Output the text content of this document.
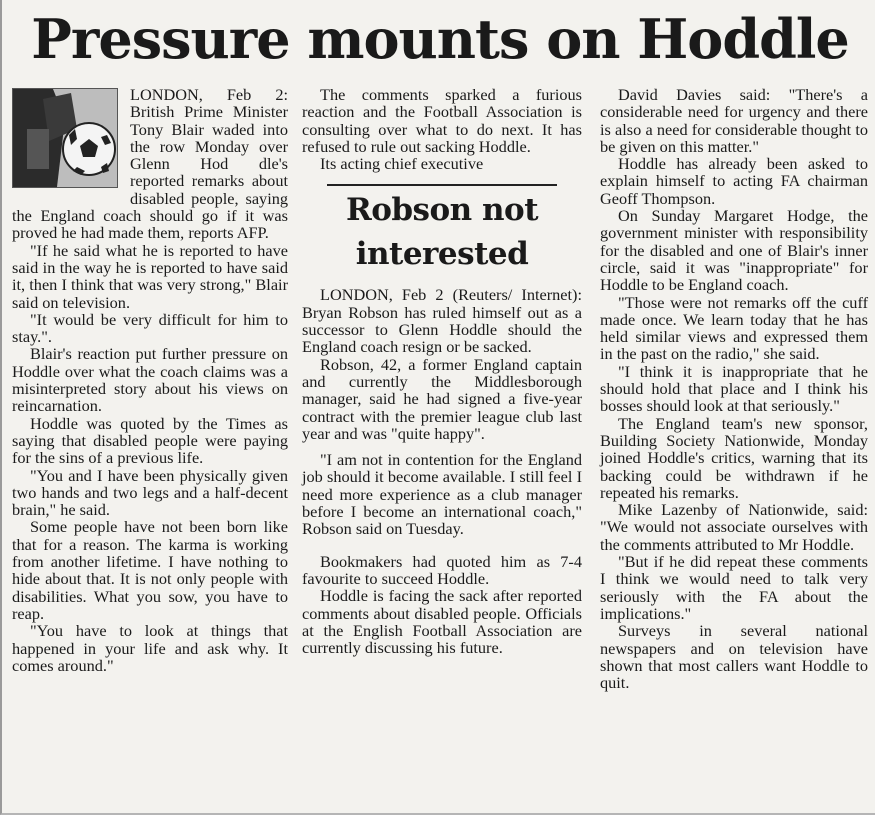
Pressure mounts on Hoddle

LONDON, Feb 2: British Prime Minister Tony Blair waded into the row Monday over Glenn Hod dle's reported remarks about disabled people, saying the England coach should go if it was proved he had made them, reports AFP.

"If he said what he is reported to have said in the way he is reported to have said it, then I think that was very strong," Blair said on television.

"It would be very difficult for him to stay.".

Blair's reaction put further pressure on Hoddle over what the coach claims was a misinterpreted story about his views on reincarnation.

Hoddle was quoted by the Times as saying that disabled people were paying for the sins of a previous life.

"You and I have been physically given two hands and two legs and a half-decent brain," he said.

Some people have not been born like that for a reason. The karma is working from another lifetime. I have nothing to hide about that. It is not only people with disabilities. What you sow, you have to reap.

"You have to look at things that happened in your life and ask why. It comes around."

The comments sparked a furious reaction and the Football Association is consulting over what to do next. It has refused to rule out sacking Hoddle.

Its acting chief executive

Robson not
interested

LONDON, Feb 2 (Reuters/ Internet): Bryan Robson has ruled himself out as a successor to Glenn Hoddle should the England coach resign or be sacked.

Robson, 42, a former England captain and currently the Middlesborough manager, said he had signed a five-year contract with the premier league club last year and was "quite happy".

"I am not in contention for the England job should it become available. I still feel I need more experience as a club manager before I become an international coach," Robson said on Tuesday.

Bookmakers had quoted him as 7-4 favourite to succeed Hoddle.

Hoddle is facing the sack after reported comments about disabled people. Officials at the English Football Association are currently discussing his future.

David Davies said: "There's a considerable need for urgency and there is also a need for considerable thought to be given on this matter."

Hoddle has already been asked to explain himself to acting FA chairman Geoff Thompson.

On Sunday Margaret Hodge, the government minister with responsibility for the disabled and one of Blair's inner circle, said it was "inappropriate" for Hoddle to be England coach.

"Those were not remarks off the cuff made once. We learn today that he has held similar views and expressed them in the past on the radio," she said.

"I think it is inappropriate that he should hold that place and I think his bosses should look at that seriously."

The England team's new sponsor, Building Society Nationwide, Monday joined Hoddle's critics, warning that its backing could be withdrawn if he repeated his remarks.

Mike Lazenby of Nationwide, said: "We would not associate ourselves with the comments attributed to Mr Hoddle.

"But if he did repeat these comments I think we would need to talk very seriously with the FA about the implications."

Surveys in several national newspapers and on television have shown that most callers want Hoddle to quit.
